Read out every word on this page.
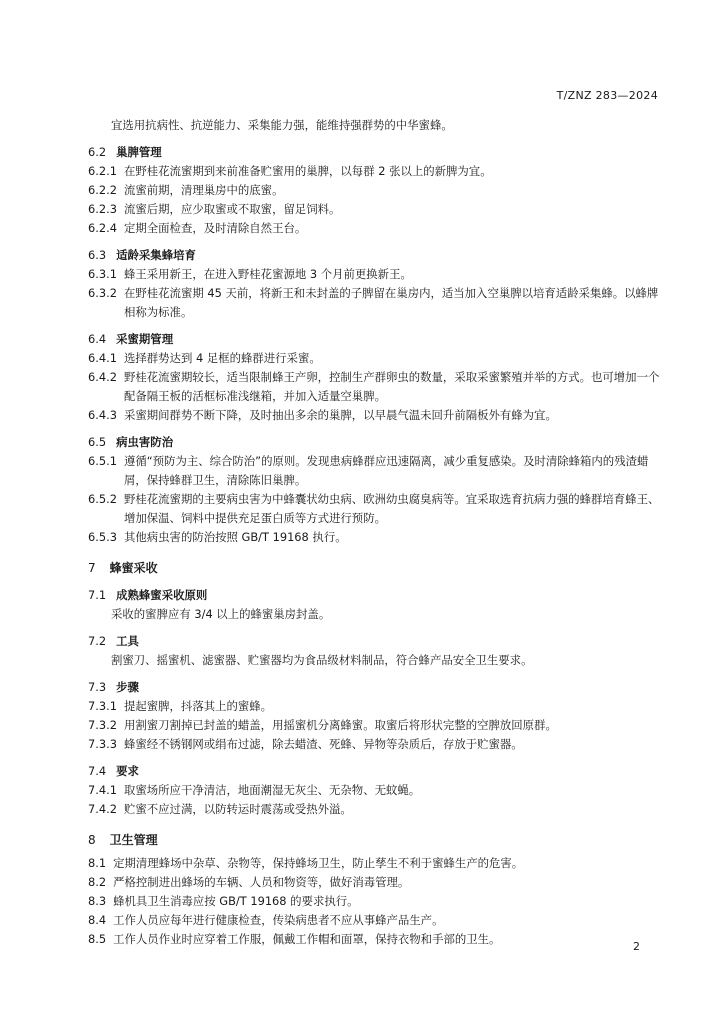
T/ZNZ 283—2024
宜选用抗病性、抗逆能力、采集能力强，能维持强群势的中华蜜蜂。
6.2 巢脾管理
6.2.1 在野桂花流蜜期到来前准备贮蜜用的巢脾，以每群 2 张以上的新脾为宜。
6.2.2 流蜜前期，清理巢房中的底蜜。
6.2.3 流蜜后期，应少取蜜或不取蜜，留足饲料。
6.2.4 定期全面检查，及时清除自然王台。
6.3 适龄采集蜂培育
6.3.1 蜂王采用新王，在进入野桂花蜜源地 3 个月前更换新王。
6.3.2 在野桂花流蜜期 45 天前，将新王和未封盖的子脾留在巢房内，适当加入空巢脾以培育适龄采集蜂。以蜂牌相称为标准。
6.4 采蜜期管理
6.4.1 选择群势达到 4 足框的蜂群进行采蜜。
6.4.2 野桂花流蜜期较长，适当限制蜂王产卵，控制生产群卵虫的数量，采取采蜜繁殖并举的方式。也可增加一个配备隔王板的活框标准浅继箱，并加入适量空巢脾。
6.4.3 采蜜期间群势不断下降，及时抽出多余的巢脾，以早晨气温未回升前隔板外有蜂为宜。
6.5 病虫害防治
6.5.1 遵循“预防为主、综合防治”的原则。发现患病蜂群应迅速隔离，减少重复感染。及时清除蜂箱内的残渣蜡屑，保持蜂群卫生，清除陈旧巢脾。
6.5.2 野桂花流蜜期的主要病虫害为中蜂囊状幼虫病、欧洲幼虫腐臭病等。宜采取选育抗病力强的蜂群培育蜂王、增加保温、饲料中提供充足蛋白质等方式进行预防。
6.5.3 其他病虫害的防治按照 GB/T 19168 执行。
7 蜂蜜采收
7.1 成熟蜂蜜采收原则
采收的蜜脾应有 3/4 以上的蜂蜜巢房封盖。
7.2 工具
割蜜刀、摇蜜机、滤蜜器、贮蜜器均为食品级材料制品，符合蜂产品安全卫生要求。
7.3 步骤
7.3.1 提起蜜脾，抖落其上的蜜蜂。
7.3.2 用割蜜刀割掉已封盖的蜡盖，用摇蜜机分离蜂蜜。取蜜后将形状完整的空脾放回原群。
7.3.3 蜂蜜经不锈钢网或绢布过滤，除去蜡渣、死蜂、异物等杂质后，存放于贮蜜器。
7.4 要求
7.4.1 取蜜场所应干净清洁，地面潮湿无灰尘、无杂物、无蚊蝇。
7.4.2 贮蜜不应过满，以防转运时震荡或受热外溢。
8 卫生管理
8.1 定期清理蜂场中杂草、杂物等，保持蜂场卫生，防止孳生不利于蜜蜂生产的危害。
8.2 严格控制进出蜂场的车辆、人员和物资等，做好消毒管理。
8.3 蜂机具卫生消毒应按 GB/T 19168 的要求执行。
8.4 工作人员应每年进行健康检查，传染病患者不应从事蜂产品生产。
8.5 工作人员作业时应穿着工作服，佩戴工作帽和面罩，保持衣物和手部的卫生。
2
